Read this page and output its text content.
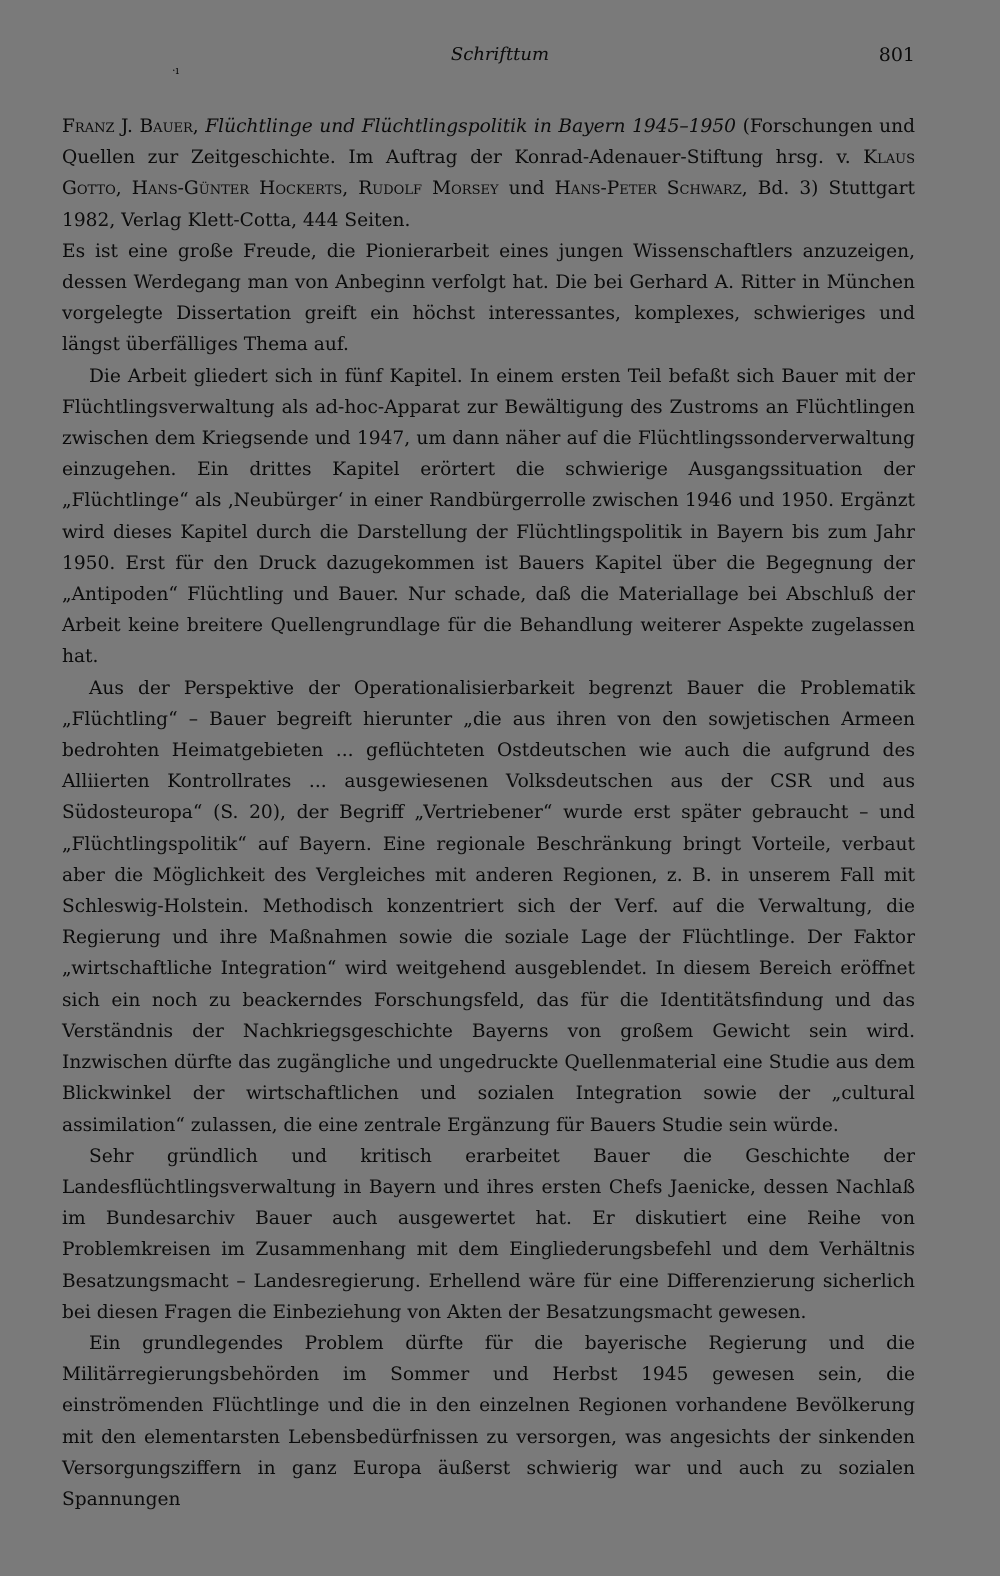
·ı
Schrifttum	801

Franz J. Bauer, Flüchtlinge und Flüchtlingspolitik in Bayern 1945–1950 (Forschungen und Quellen zur Zeitgeschichte. Im Auftrag der Konrad-Adenauer-Stiftung hrsg. v. Klaus Gotto, Hans-Günter Hockerts, Rudolf Morsey und Hans-Peter Schwarz, Bd. 3) Stuttgart 1982, Verlag Klett-Cotta, 444 Seiten.

Es ist eine große Freude, die Pionierarbeit eines jungen Wissenschaftlers anzuzeigen, dessen Werdegang man von Anbeginn verfolgt hat. Die bei Gerhard A. Ritter in München vorgelegte Dissertation greift ein höchst interessantes, komplexes, schwieriges und längst überfälliges Thema auf.

Die Arbeit gliedert sich in fünf Kapitel. In einem ersten Teil befaßt sich Bauer mit der Flüchtlingsverwaltung als ad-hoc-Apparat zur Bewältigung des Zustroms an Flüchtlingen zwischen dem Kriegsende und 1947, um dann näher auf die Flüchtlingssonderverwaltung einzugehen. Ein drittes Kapitel erörtert die schwierige Ausgangssituation der „Flüchtlinge“ als ‚Neubürger‘ in einer Randbürgerrolle zwischen 1946 und 1950. Ergänzt wird dieses Kapitel durch die Darstellung der Flüchtlingspolitik in Bayern bis zum Jahr 1950. Erst für den Druck dazugekommen ist Bauers Kapitel über die Begegnung der „Antipoden“ Flüchtling und Bauer. Nur schade, daß die Materiallage bei Abschluß der Arbeit keine breitere Quellengrundlage für die Behandlung weiterer Aspekte zugelassen hat.

Aus der Perspektive der Operationalisierbarkeit begrenzt Bauer die Problematik „Flüchtling“ – Bauer begreift hierunter „die aus ihren von den sowjetischen Armeen bedrohten Heimatgebieten ... geflüchteten Ostdeutschen wie auch die aufgrund des Alliierten Kontrollrates ... ausgewiesenen Volksdeutschen aus der CSR und aus Südosteuropa“ (S. 20), der Begriff „Vertriebener“ wurde erst später gebraucht – und „Flüchtlingspolitik“ auf Bayern. Eine regionale Beschränkung bringt Vorteile, verbaut aber die Möglichkeit des Vergleiches mit anderen Regionen, z. B. in unserem Fall mit Schleswig-Holstein. Methodisch konzentriert sich der Verf. auf die Verwaltung, die Regierung und ihre Maßnahmen sowie die soziale Lage der Flüchtlinge. Der Faktor „wirtschaftliche Integration“ wird weitgehend ausgeblendet. In diesem Bereich eröffnet sich ein noch zu beackerndes Forschungsfeld, das für die Identitätsfindung und das Verständnis der Nachkriegsgeschichte Bayerns von großem Gewicht sein wird. Inzwischen dürfte das zugängliche und ungedruckte Quellenmaterial eine Studie aus dem Blickwinkel der wirtschaftlichen und sozialen Integration sowie der „cultural assimilation“ zulassen, die eine zentrale Ergänzung für Bauers Studie sein würde.

Sehr gründlich und kritisch erarbeitet Bauer die Geschichte der Landesflüchtlingsverwaltung in Bayern und ihres ersten Chefs Jaenicke, dessen Nachlaß im Bundesarchiv Bauer auch ausgewertet hat. Er diskutiert eine Reihe von Problemkreisen im Zusammenhang mit dem Eingliederungsbefehl und dem Verhältnis Besatzungsmacht – Landesregierung. Erhellend wäre für eine Differenzierung sicherlich bei diesen Fragen die Einbeziehung von Akten der Besatzungsmacht gewesen.

Ein grundlegendes Problem dürfte für die bayerische Regierung und die Militärregierungsbehörden im Sommer und Herbst 1945 gewesen sein, die einströmenden Flüchtlinge und die in den einzelnen Regionen vorhandene Bevölkerung mit den elementarsten Lebensbedürfnissen zu versorgen, was angesichts der sinkenden Versorgungsziffern in ganz Europa äußerst schwierig war und auch zu sozialen Spannungen
